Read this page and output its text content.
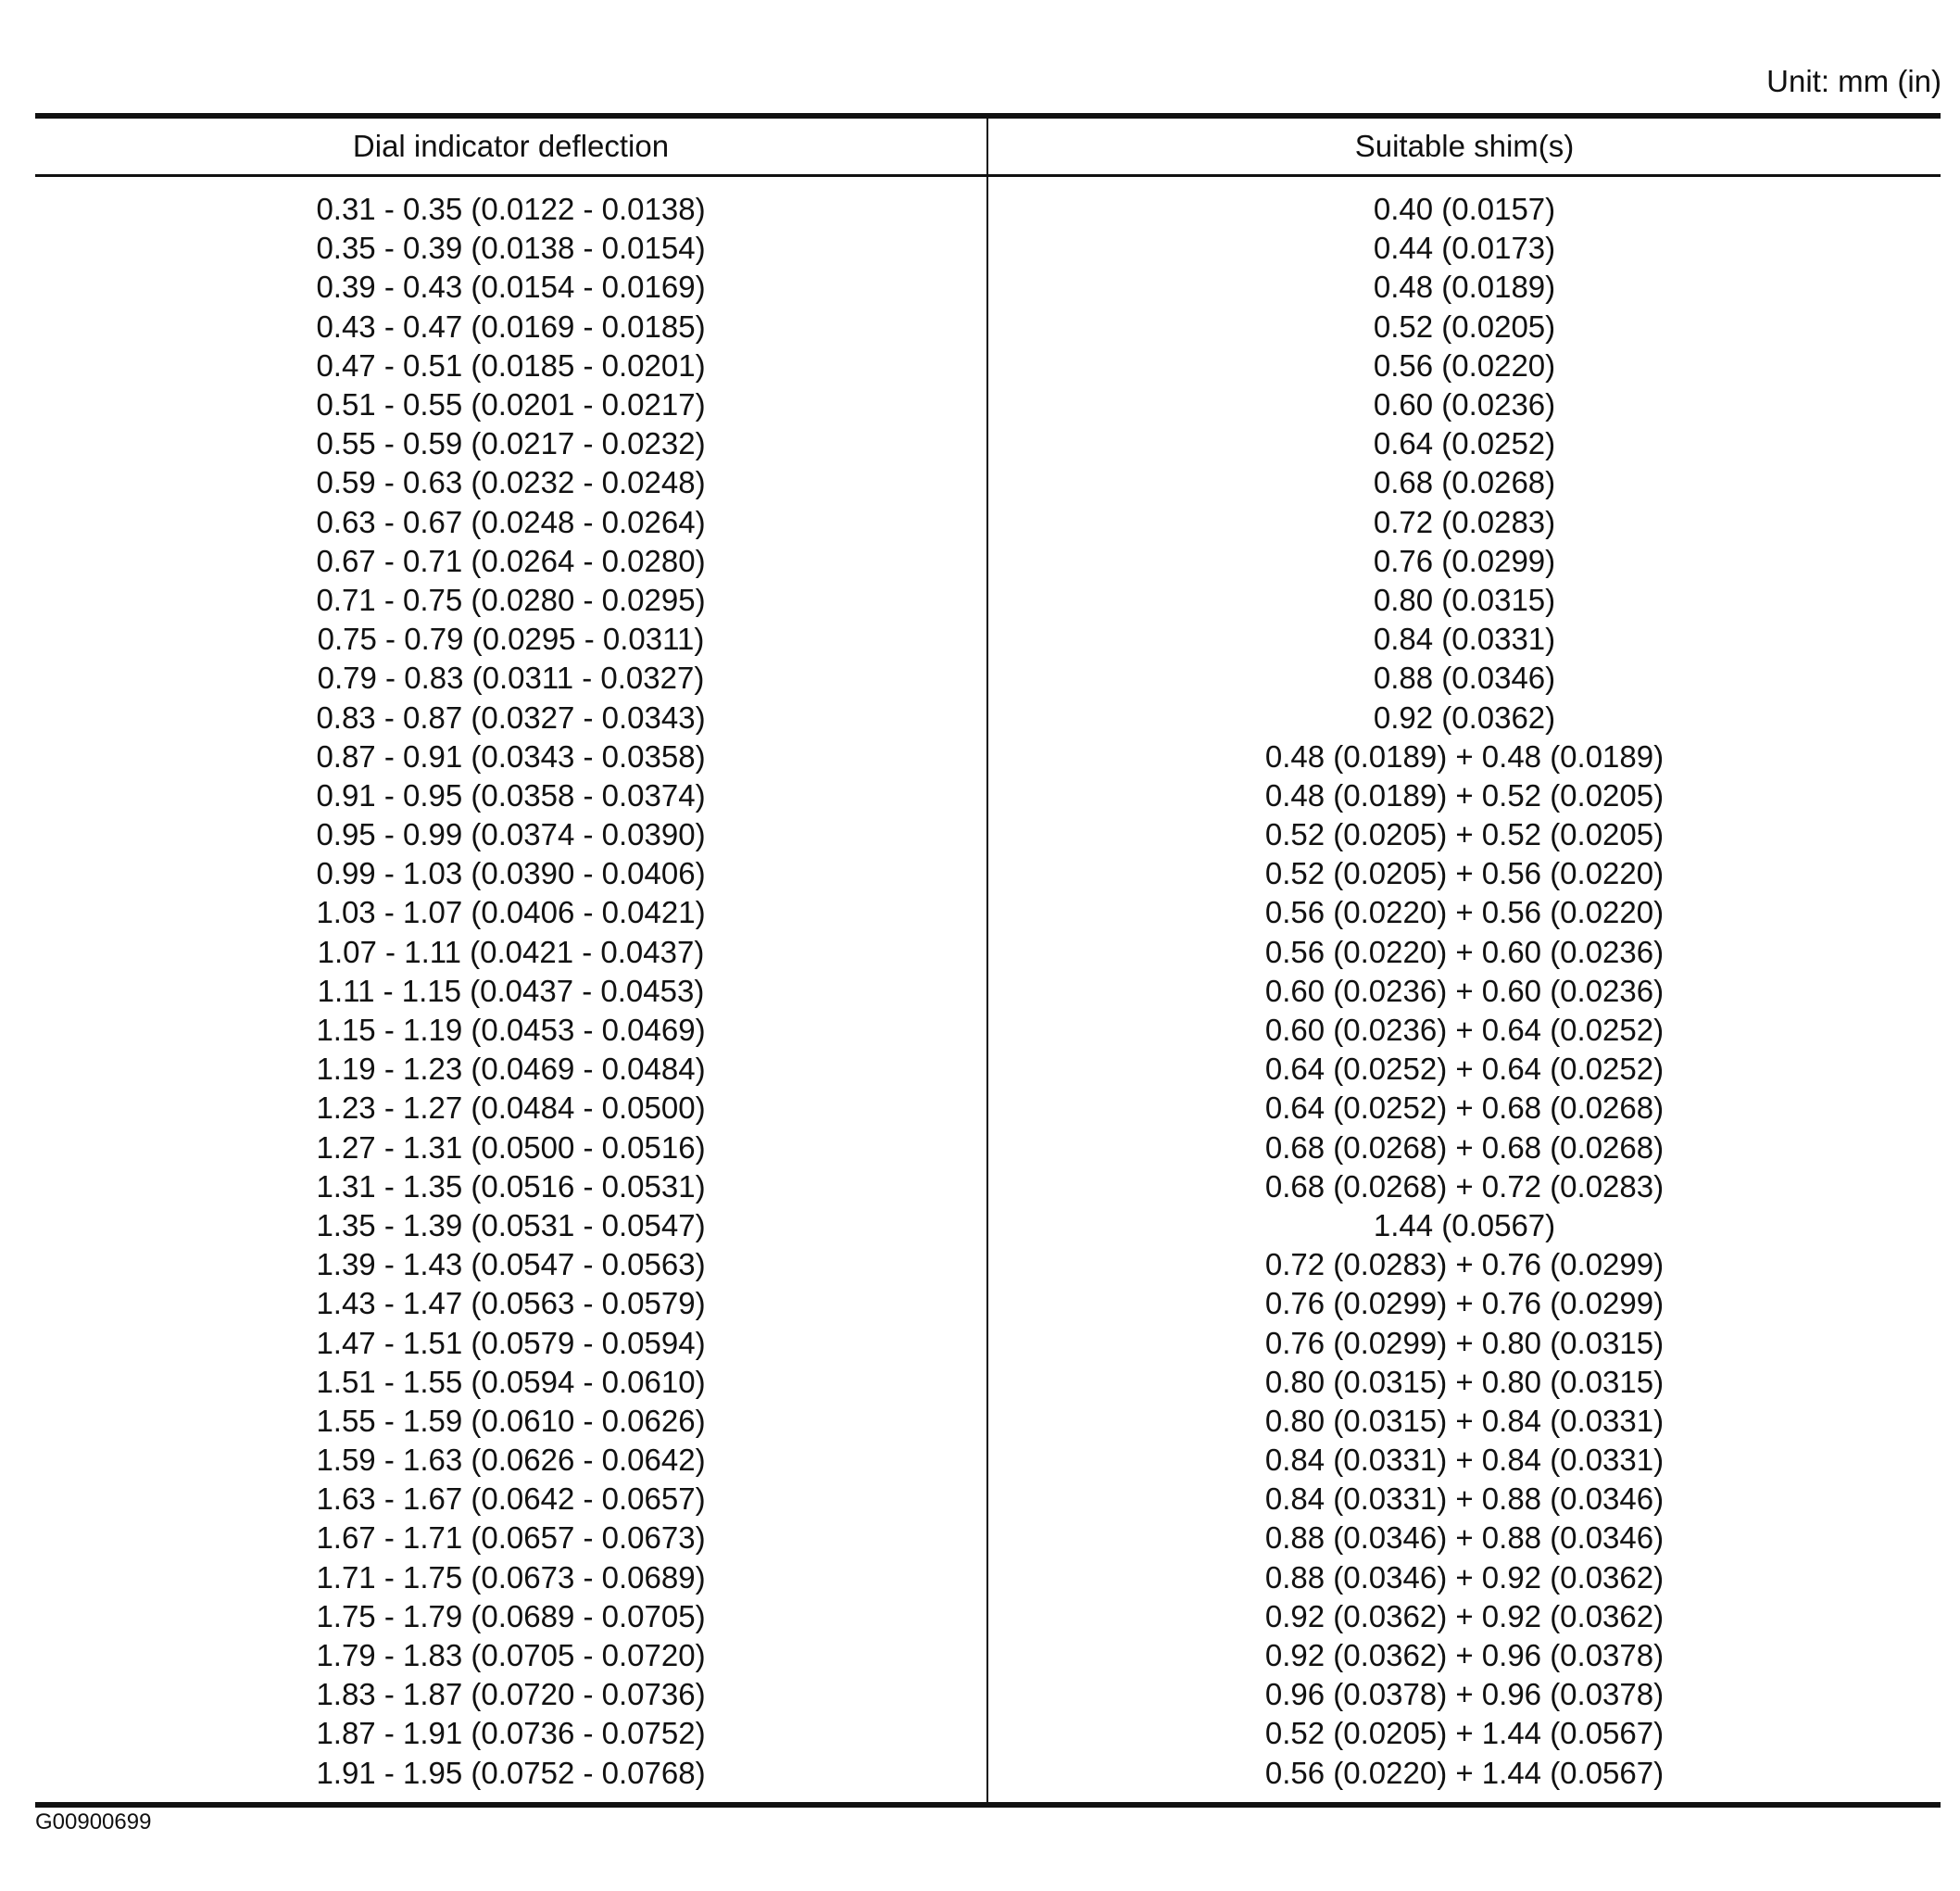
Unit: mm (in)
Dial indicator deflection	Suitable shim(s)

0.31 - 0.35 (0.0122 - 0.0138)	0.40 (0.0157)
0.35 - 0.39 (0.0138 - 0.0154)	0.44 (0.0173)
0.39 - 0.43 (0.0154 - 0.0169)	0.48 (0.0189)
0.43 - 0.47 (0.0169 - 0.0185)	0.52 (0.0205)
0.47 - 0.51 (0.0185 - 0.0201)	0.56 (0.0220)
0.51 - 0.55 (0.0201 - 0.0217)	0.60 (0.0236)
0.55 - 0.59 (0.0217 - 0.0232)	0.64 (0.0252)
0.59 - 0.63 (0.0232 - 0.0248)	0.68 (0.0268)
0.63 - 0.67 (0.0248 - 0.0264)	0.72 (0.0283)
0.67 - 0.71 (0.0264 - 0.0280)	0.76 (0.0299)
0.71 - 0.75 (0.0280 - 0.0295)	0.80 (0.0315)
0.75 - 0.79 (0.0295 - 0.0311)	0.84 (0.0331)
0.79 - 0.83 (0.0311 - 0.0327)	0.88 (0.0346)
0.83 - 0.87 (0.0327 - 0.0343)	0.92 (0.0362)
0.87 - 0.91 (0.0343 - 0.0358)	0.48 (0.0189) + 0.48 (0.0189)
0.91 - 0.95 (0.0358 - 0.0374)	0.48 (0.0189) + 0.52 (0.0205)
0.95 - 0.99 (0.0374 - 0.0390)	0.52 (0.0205) + 0.52 (0.0205)
0.99 - 1.03 (0.0390 - 0.0406)	0.52 (0.0205) + 0.56 (0.0220)
1.03 - 1.07 (0.0406 - 0.0421)	0.56 (0.0220) + 0.56 (0.0220)
1.07 - 1.11 (0.0421 - 0.0437)	0.56 (0.0220) + 0.60 (0.0236)
1.11 - 1.15 (0.0437 - 0.0453)	0.60 (0.0236) + 0.60 (0.0236)
1.15 - 1.19 (0.0453 - 0.0469)	0.60 (0.0236) + 0.64 (0.0252)
1.19 - 1.23 (0.0469 - 0.0484)	0.64 (0.0252) + 0.64 (0.0252)
1.23 - 1.27 (0.0484 - 0.0500)	0.64 (0.0252) + 0.68 (0.0268)
1.27 - 1.31 (0.0500 - 0.0516)	0.68 (0.0268) + 0.68 (0.0268)
1.31 - 1.35 (0.0516 - 0.0531)	0.68 (0.0268) + 0.72 (0.0283)
1.35 - 1.39 (0.0531 - 0.0547)	1.44 (0.0567)
1.39 - 1.43 (0.0547 - 0.0563)	0.72 (0.0283) + 0.76 (0.0299)
1.43 - 1.47 (0.0563 - 0.0579)	0.76 (0.0299) + 0.76 (0.0299)
1.47 - 1.51 (0.0579 - 0.0594)	0.76 (0.0299) + 0.80 (0.0315)
1.51 - 1.55 (0.0594 - 0.0610)	0.80 (0.0315) + 0.80 (0.0315)
1.55 - 1.59 (0.0610 - 0.0626)	0.80 (0.0315) + 0.84 (0.0331)
1.59 - 1.63 (0.0626 - 0.0642)	0.84 (0.0331) + 0.84 (0.0331)
1.63 - 1.67 (0.0642 - 0.0657)	0.84 (0.0331) + 0.88 (0.0346)
1.67 - 1.71 (0.0657 - 0.0673)	0.88 (0.0346) + 0.88 (0.0346)
1.71 - 1.75 (0.0673 - 0.0689)	0.88 (0.0346) + 0.92 (0.0362)
1.75 - 1.79 (0.0689 - 0.0705)	0.92 (0.0362) + 0.92 (0.0362)
1.79 - 1.83 (0.0705 - 0.0720)	0.92 (0.0362) + 0.96 (0.0378)
1.83 - 1.87 (0.0720 - 0.0736)	0.96 (0.0378) + 0.96 (0.0378)
1.87 - 1.91 (0.0736 - 0.0752)	0.52 (0.0205) + 1.44 (0.0567)
1.91 - 1.95 (0.0752 - 0.0768)	0.56 (0.0220) + 1.44 (0.0567)

G00900699
